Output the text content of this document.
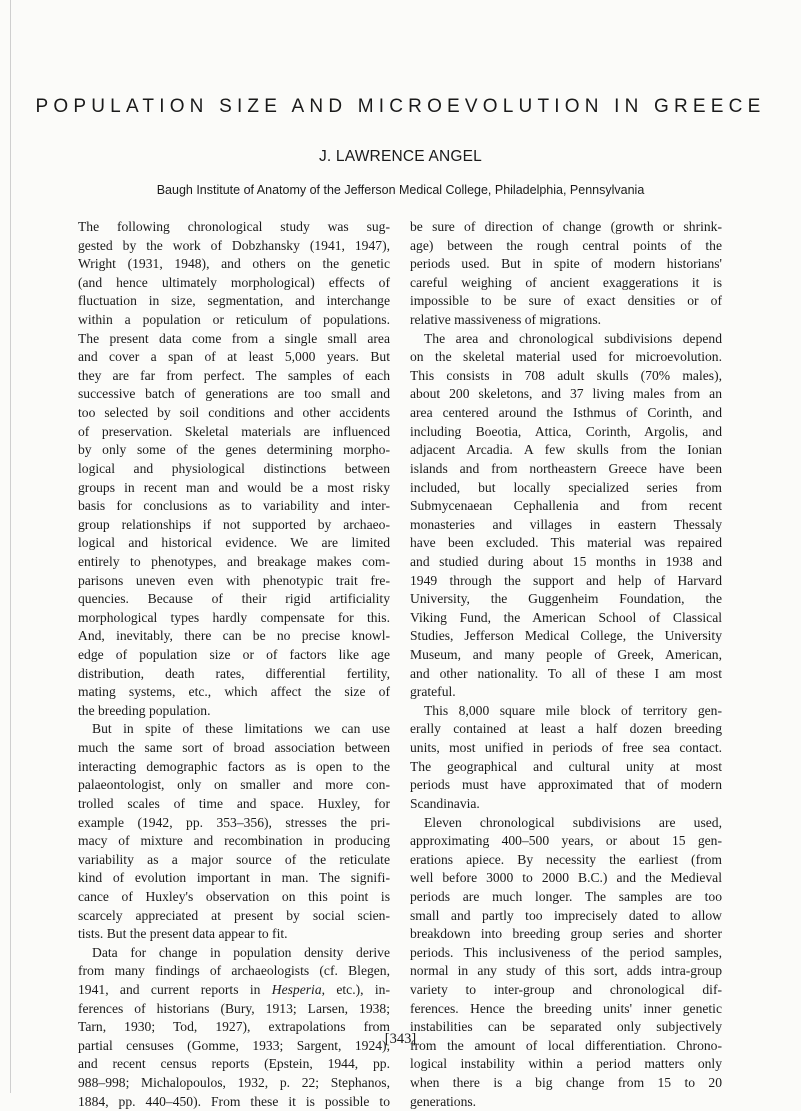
POPULATION SIZE AND MICROEVOLUTION IN GREECE
J. LAWRENCE ANGEL
Baugh Institute of Anatomy of the Jefferson Medical College, Philadelphia, Pennsylvania
The following chronological study was sug-
gested by the work of Dobzhansky (1941, 1947),
Wright (1931, 1948), and others on the genetic
(and hence ultimately morphological) effects of
fluctuation in size, segmentation, and interchange
within a population or reticulum of populations.
The present data come from a single small area
and cover a span of at least 5,000 years. But
they are far from perfect. The samples of each
successive batch of generations are too small and
too selected by soil conditions and other accidents
of preservation. Skeletal materials are influenced
by only some of the genes determining morpho-
logical and physiological distinctions between
groups in recent man and would be a most risky
basis for conclusions as to variability and inter-
group relationships if not supported by archaeo-
logical and historical evidence. We are limited
entirely to phenotypes, and breakage makes com-
parisons uneven even with phenotypic trait fre-
quencies. Because of their rigid artificiality
morphological types hardly compensate for this.
And, inevitably, there can be no precise knowl-
edge of population size or of factors like age
distribution, death rates, differential fertility,
mating systems, etc., which affect the size of
the breeding population.
But in spite of these limitations we can use
much the same sort of broad association between
interacting demographic factors as is open to the
palaeontologist, only on smaller and more con-
trolled scales of time and space. Huxley, for
example (1942, pp. 353–356), stresses the pri-
macy of mixture and recombination in producing
variability as a major source of the reticulate
kind of evolution important in man. The signifi-
cance of Huxley's observation on this point is
scarcely appreciated at present by social scien-
tists. But the present data appear to fit.
Data for change in population density derive
from many findings of archaeologists (cf. Blegen,
1941, and current reports in Hesperia, etc.), in-
ferences of historians (Bury, 1913; Larsen, 1938;
Tarn, 1930; Tod, 1927), extrapolations from
partial censuses (Gomme, 1933; Sargent, 1924),
and recent census reports (Epstein, 1944, pp.
988–998; Michalopoulos, 1932, p. 22; Stephanos,
1884, pp. 440–450). From these it is possible to
be sure of direction of change (growth or shrink-
age) between the rough central points of the
periods used. But in spite of modern historians'
careful weighing of ancient exaggerations it is
impossible to be sure of exact densities or of
relative massiveness of migrations.
The area and chronological subdivisions depend
on the skeletal material used for microevolution.
This consists in 708 adult skulls (70% males),
about 200 skeletons, and 37 living males from an
area centered around the Isthmus of Corinth, and
including Boeotia, Attica, Corinth, Argolis, and
adjacent Arcadia. A few skulls from the Ionian
islands and from northeastern Greece have been
included, but locally specialized series from
Submycenaean Cephallenia and from recent
monasteries and villages in eastern Thessaly
have been excluded. This material was repaired
and studied during about 15 months in 1938 and
1949 through the support and help of Harvard
University, the Guggenheim Foundation, the
Viking Fund, the American School of Classical
Studies, Jefferson Medical College, the University
Museum, and many people of Greek, American,
and other nationality. To all of these I am most
grateful.
This 8,000 square mile block of territory gen-
erally contained at least a half dozen breeding
units, most unified in periods of free sea contact.
The geographical and cultural unity at most
periods must have approximated that of modern
Scandinavia.
Eleven chronological subdivisions are used,
approximating 400–500 years, or about 15 gen-
erations apiece. By necessity the earliest (from
well before 3000 to 2000 B.C.) and the Medieval
periods are much longer. The samples are too
small and partly too imprecisely dated to allow
breakdown into breeding group series and shorter
periods. This inclusiveness of the period samples,
normal in any study of this sort, adds intra-group
variety to inter-group and chronological dif-
ferences. Hence the breeding units' inner genetic
instabilities can be separated only subjectively
from the amount of local differentiation. Chrono-
logical instability within a period matters only
when there is a big change from 15 to 20
generations.
[343]
